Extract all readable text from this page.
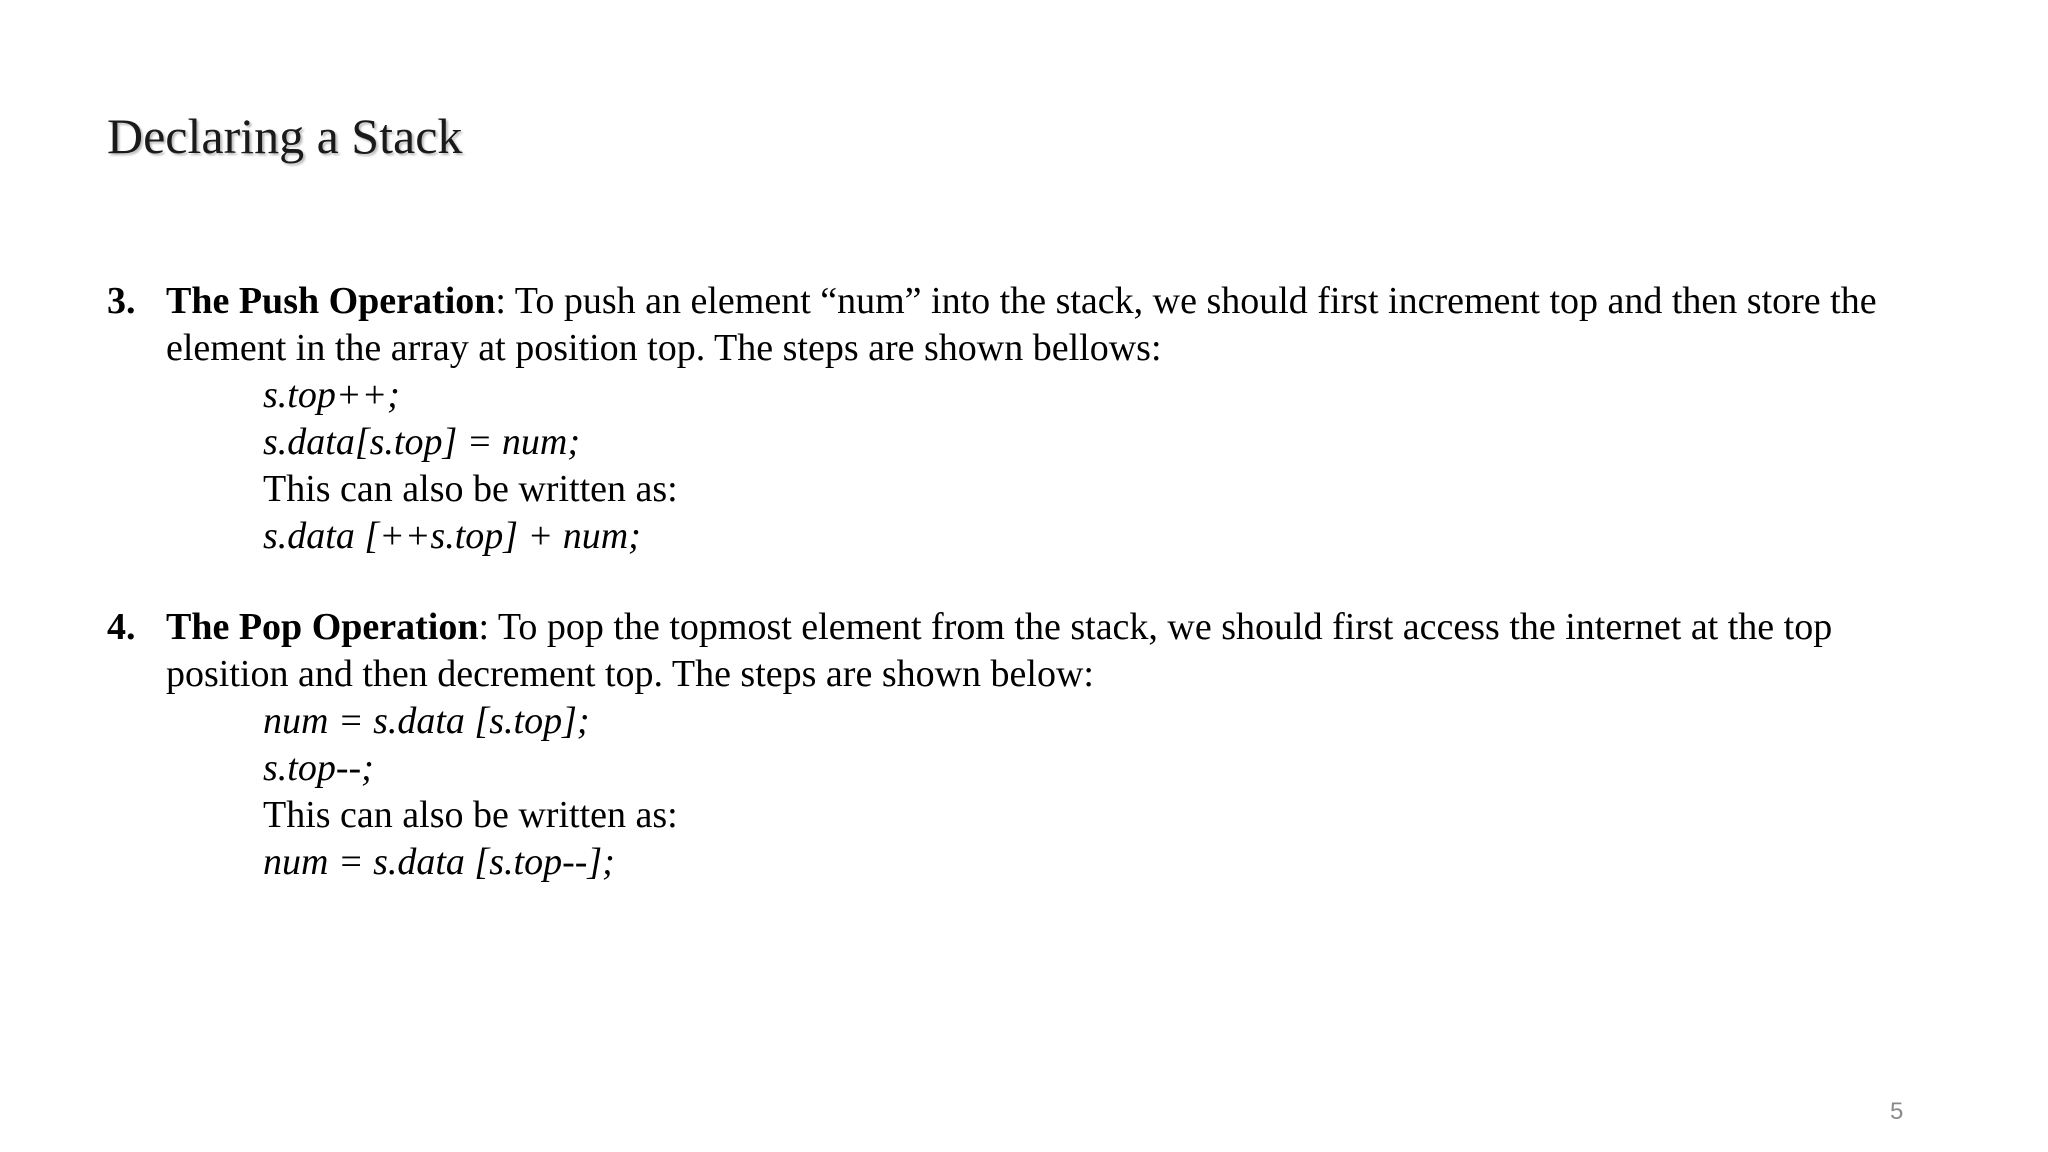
Declaring a Stack
3. The Push Operation: To push an element “num” into the stack, we should first increment top and then store the element in the array at position top. The steps are shown bellows:
s.top++;
s.data[s.top] = num;
This can also be written as:
s.data [++s.top] + num;
4. The Pop Operation: To pop the topmost element from the stack, we should first access the internet at the top position and then decrement top. The steps are shown below:
num = s.data [s.top];
s.top--;
This can also be written as:
num = s.data [s.top--];
5
